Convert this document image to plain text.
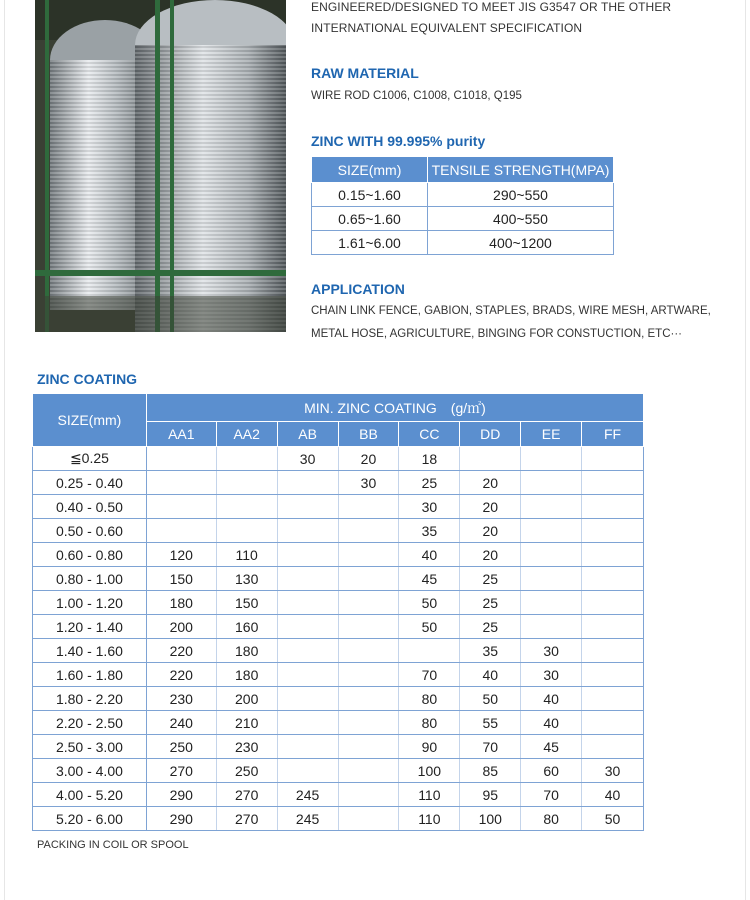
ENGINEERED/DESIGNED TO MEET JIS G3547 OR THE OTHER
INTERNATIONAL EQUIVALENT SPECIFICATION
RAW MATERIAL
WIRE ROD C1006, C1008, C1018, Q195
ZINC WITH 99.995% purity
SIZE(mm)	TENSILE STRENGTH(MPA)
0.15~1.60	290~550
0.65~1.60	400~550
1.61~6.00	400~1200
APPLICATION
CHAIN LINK FENCE, GABION, STAPLES, BRADS, WIRE MESH, ARTWARE,
METAL HOSE, AGRICULTURE, BINGING FOR CONSTUCTION, ETC···
ZINC COATING
SIZE(mm)	MIN. ZINC COATING　(g/㎡)							
	AA1	AA2	AB	BB	CC	DD	EE	FF
≦0.25			30	20	18			
0.25 - 0.40				30	25	20		
0.40 - 0.50					30	20		
0.50 - 0.60					35	20		
0.60 - 0.80	120	110			40	20		
0.80 - 1.00	150	130			45	25		
1.00 - 1.20	180	150			50	25		
1.20 - 1.40	200	160			50	25		
1.40 - 1.60	220	180				35	30	
1.60 - 1.80	220	180			70	40	30	
1.80 - 2.20	230	200			80	50	40	
2.20 - 2.50	240	210			80	55	40	
2.50 - 3.00	250	230			90	70	45	
3.00 - 4.00	270	250			100	85	60	30
4.00 - 5.20	290	270	245		110	95	70	40
5.20 - 6.00	290	270	245		110	100	80	50
PACKING IN COIL OR SPOOL
